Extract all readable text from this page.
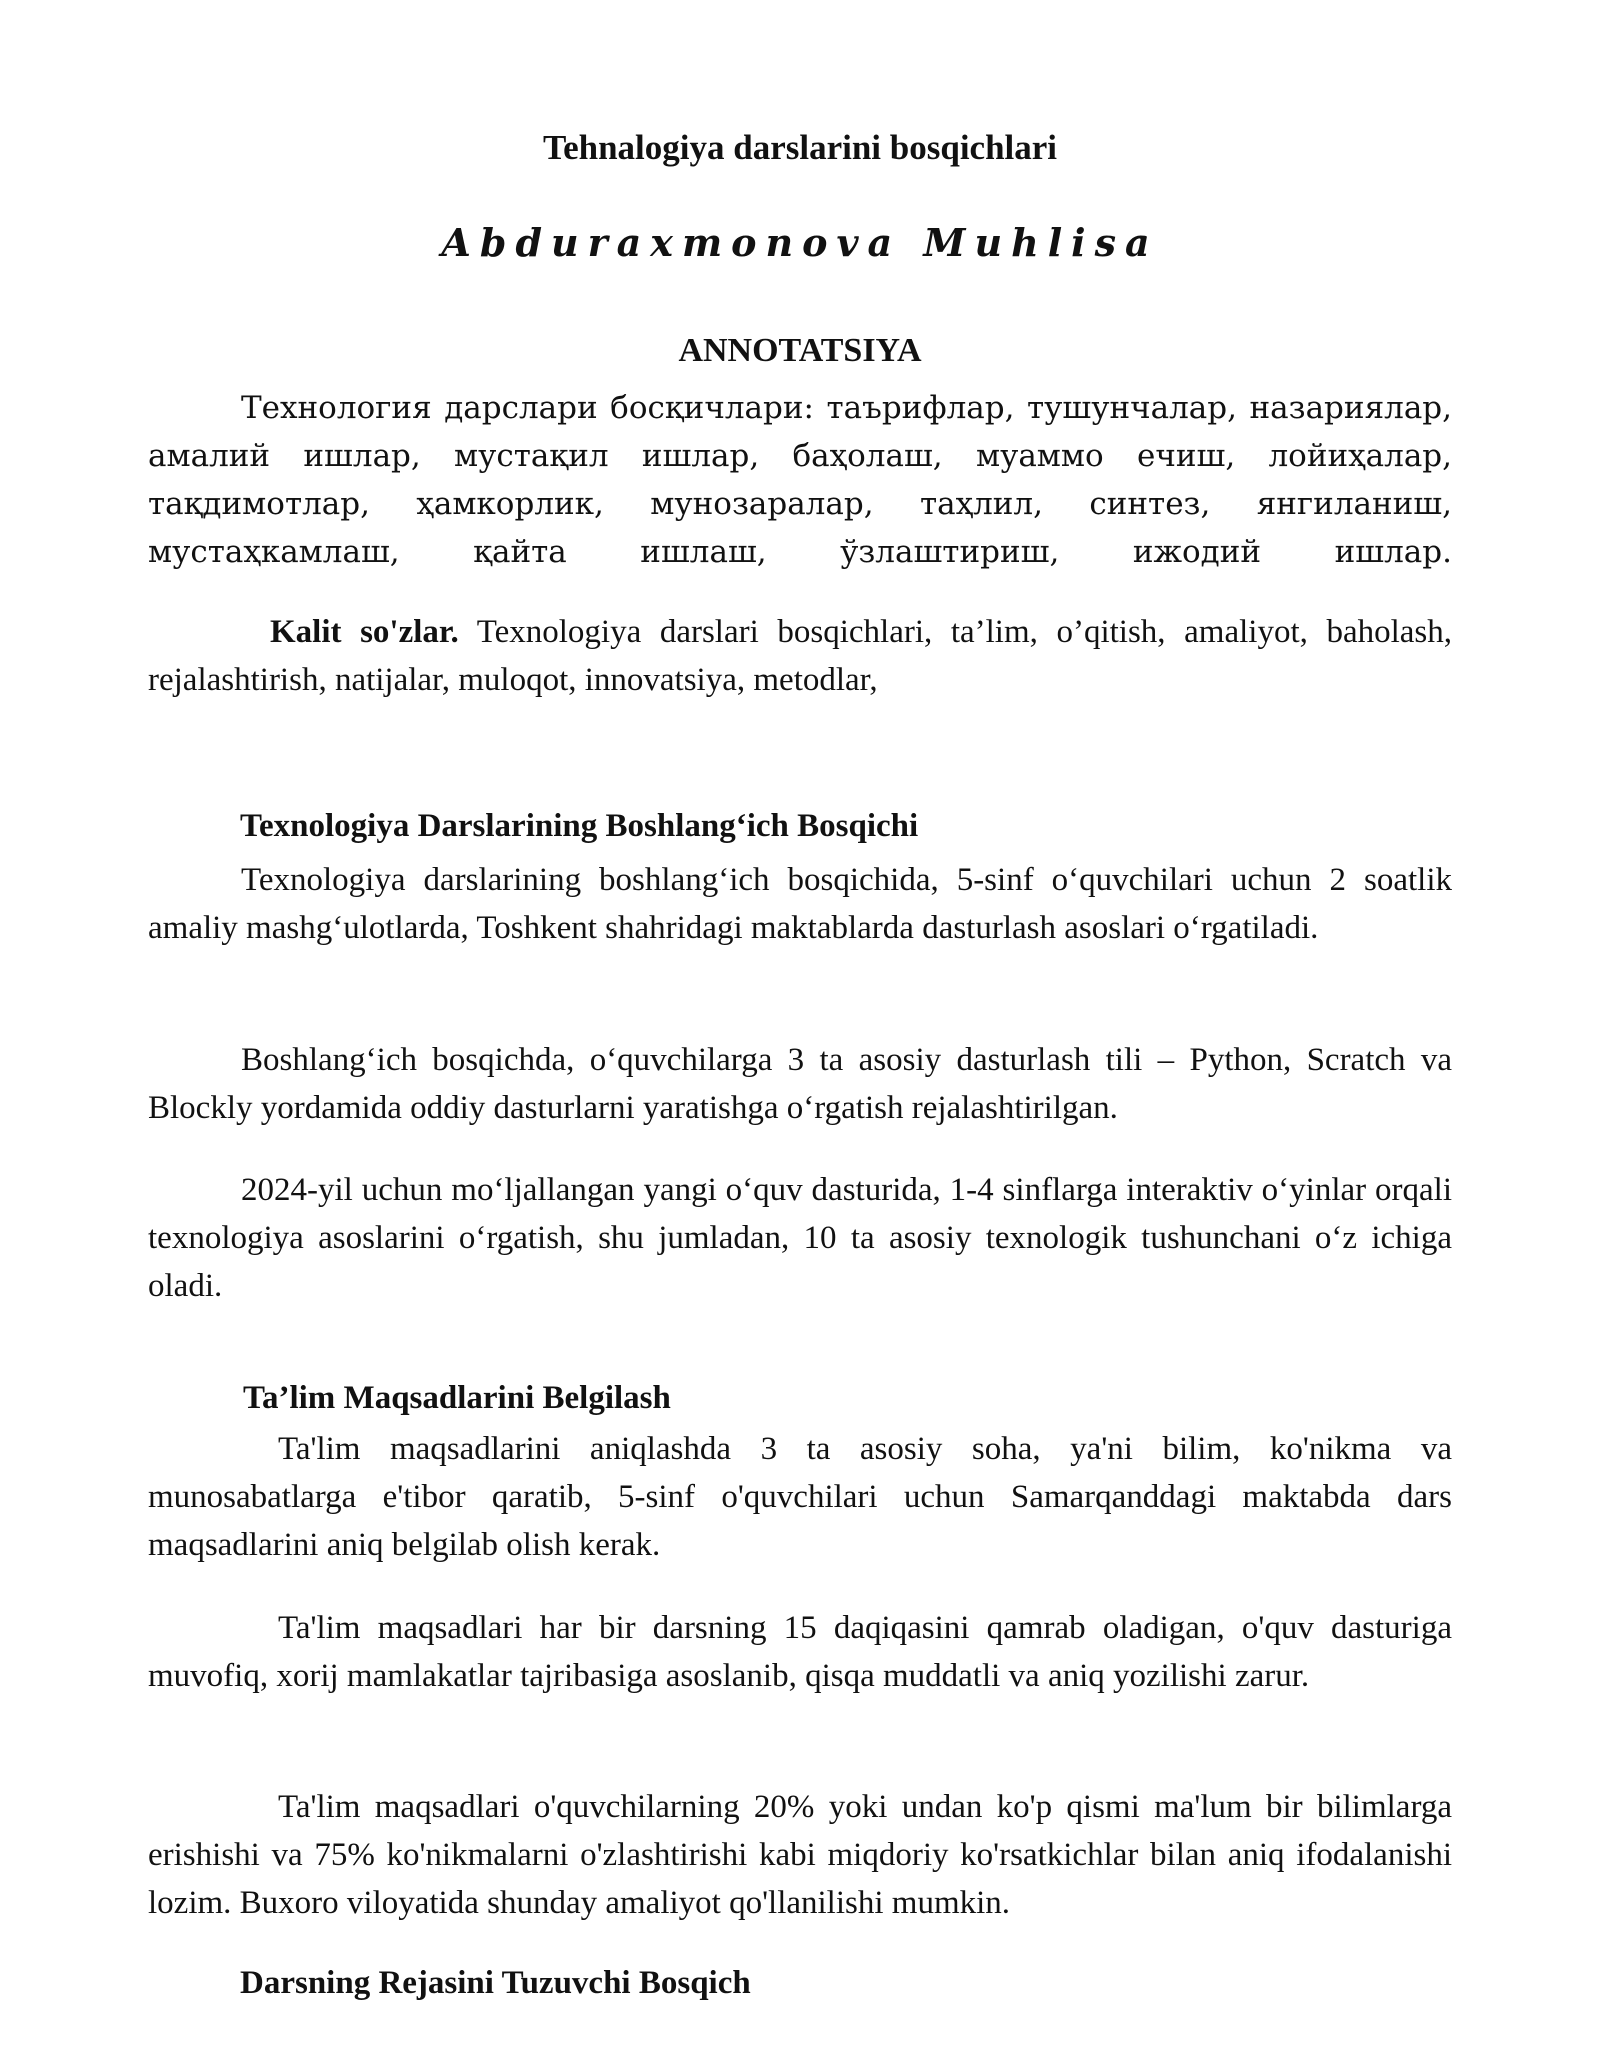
Tehnalogiya darslarini bosqichlari
Abduraxmonova Muhlisa
ANNOTATSIYA
Технология дарслари босқичлари: таърифлар, тушунчалар, назариялар, амалий ишлар, мустақил ишлар, баҳолаш, муаммо ечиш, лойиҳалар, тақдимотлар, ҳамкорлик, мунозаралар, таҳлил, синтез, янгиланиш, мустаҳкамлаш, қайта ишлаш, ўзлаштириш, ижодий ишлар.
Kalit so'zlar. Texnologiya darslari bosqichlari, ta’lim, o’qitish, amaliyot, baholash, rejalashtirish, natijalar, muloqot, innovatsiya, metodlar,
Texnologiya Darslarining Boshlang‘ich Bosqichi
Texnologiya darslarining boshlang‘ich bosqichida, 5-sinf o‘quvchilari uchun 2 soatlik amaliy mashg‘ulotlarda, Toshkent shahridagi maktablarda dasturlash asoslari o‘rgatiladi.
Boshlang‘ich bosqichda, o‘quvchilarga 3 ta asosiy dasturlash tili – Python, Scratch va Blockly yordamida oddiy dasturlarni yaratishga o‘rgatish rejalashtirilgan.
2024-yil uchun mo‘ljallangan yangi o‘quv dasturida, 1-4 sinflarga interaktiv o‘yinlar orqali texnologiya asoslarini o‘rgatish, shu jumladan, 10 ta asosiy texnologik tushunchani o‘z ichiga oladi.
Ta’lim Maqsadlarini Belgilash
Ta'lim maqsadlarini aniqlashda 3 ta asosiy soha, ya'ni bilim, ko'nikma va munosabatlarga e'tibor qaratib, 5-sinf o'quvchilari uchun Samarqanddagi maktabda dars maqsadlarini aniq belgilab olish kerak.
Ta'lim maqsadlari har bir darsning 15 daqiqasini qamrab oladigan, o'quv dasturiga muvofiq, xorij mamlakatlar tajribasiga asoslanib, qisqa muddatli va aniq yozilishi zarur.
Ta'lim maqsadlari o'quvchilarning 20% yoki undan ko'p qismi ma'lum bir bilimlarga erishishi va 75% ko'nikmalarni o'zlashtirishi kabi miqdoriy ko'rsatkichlar bilan aniq ifodalanishi lozim. Buxoro viloyatida shunday amaliyot qo'llanilishi mumkin.
Darsning Rejasini Tuzuvchi Bosqich
